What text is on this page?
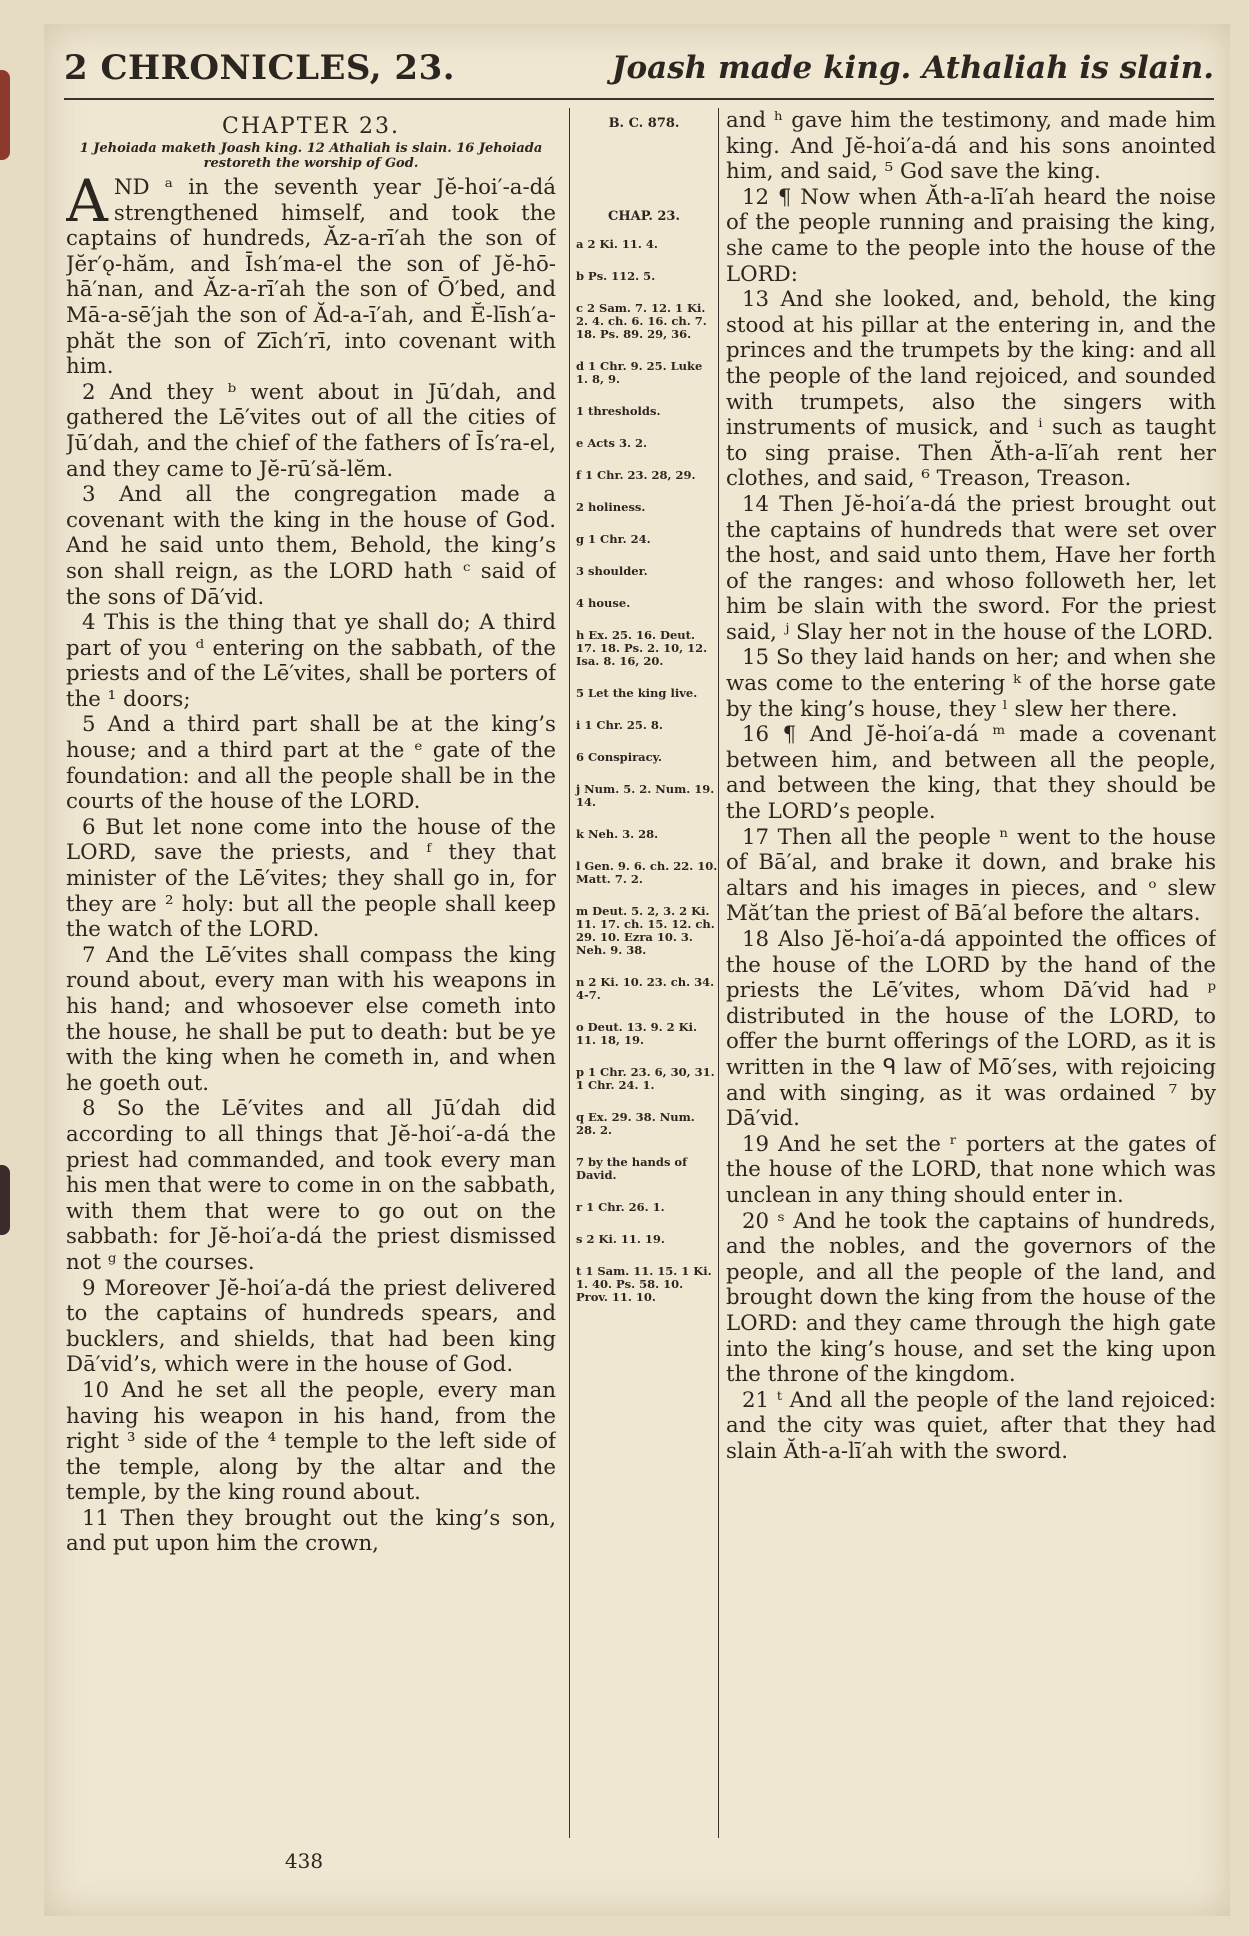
2 CHRONICLES, 23.	Joash made king. Athaliah is slain.
CHAPTER 23.
1 Jehoiada maketh Joash king. 12 Athaliah is slain. 16 Jehoiada restoreth the worship of God.

AND ᵃ in the seventh year Jĕ-hoi′-a-dá strengthened himself, and took the captains of hundreds, Ăz-a-rī′ah the son of Jĕr′ǫ-hăm, and Īsh′ma-el the son of Jĕ-hō-hā′nan, and Ăz-a-rī′ah the son of Ō′bed, and Mā-a-sē′jah the son of Ăd-a-ī′ah, and Ĕ-līsh′a-phăt the son of Zīch′rī, into covenant with him.

2 And they ᵇ went about in Jū′dah, and gathered the Lē′vites out of all the cities of Jū′dah, and the chief of the fathers of Īs′ra-el, and they came to Jĕ-rū′să-lĕm.

3 And all the congregation made a covenant with the king in the house of God. And he said unto them, Behold, the king’s son shall reign, as the LORD hath ᶜ said of the sons of Dā′vid.

4 This is the thing that ye shall do; A third part of you ᵈ entering on the sabbath, of the priests and of the Lē′vites, shall be porters of the ¹ doors;

5 And a third part shall be at the king’s house; and a third part at the ᵉ gate of the foundation: and all the people shall be in the courts of the house of the LORD.

6 But let none come into the house of the LORD, save the priests, and ᶠ they that minister of the Lē′vites; they shall go in, for they are ² holy: but all the people shall keep the watch of the LORD.

7 And the Lē′vites shall compass the king round about, every man with his weapons in his hand; and whosoever else cometh into the house, he shall be put to death: but be ye with the king when he cometh in, and when he goeth out.

8 So the Lē′vites and all Jū′dah did according to all things that Jĕ-hoi′-a-dá the priest had commanded, and took every man his men that were to come in on the sabbath, with them that were to go out on the sabbath: for Jĕ-hoi′a-dá the priest dismissed not ᵍ the courses.

9 Moreover Jĕ-hoi′a-dá the priest delivered to the captains of hundreds spears, and bucklers, and shields, that had been king Dā′vid’s, which were in the house of God.

10 And he set all the people, every man having his weapon in his hand, from the right ³ side of the ⁴ temple to the left side of the temple, along by the altar and the temple, by the king round about.

11 Then they brought out the king’s son, and put upon him the crown,

B. C. 878.
CHAP. 23.
a 2 Ki. 11. 4.
b Ps. 112. 5.
c 2 Sam. 7. 12. 1 Ki. 2. 4. ch. 6. 16. ch. 7. 18. Ps. 89. 29, 36.
d 1 Chr. 9. 25. Luke 1. 8, 9.
1 thresholds.
e Acts 3. 2.
f 1 Chr. 23. 28, 29.
2 holiness.
g 1 Chr. 24.
3 shoulder.
4 house.
h Ex. 25. 16. Deut. 17. 18. Ps. 2. 10, 12. Isa. 8. 16, 20.
5 Let the king live.
i 1 Chr. 25. 8.
6 Conspiracy.
j Num. 5. 2. Num. 19. 14.
k Neh. 3. 28.
l Gen. 9. 6. ch. 22. 10. Matt. 7. 2.
m Deut. 5. 2, 3. 2 Ki. 11. 17. ch. 15. 12. ch. 29. 10. Ezra 10. 3. Neh. 9. 38.
n 2 Ki. 10. 23. ch. 34. 4-7.
o Deut. 13. 9. 2 Ki. 11. 18, 19.
p 1 Chr. 23. 6, 30, 31. 1 Chr. 24. 1.
q Ex. 29. 38. Num. 28. 2.
7 by the hands of David.
r 1 Chr. 26. 1.
s 2 Ki. 11. 19.
t 1 Sam. 11. 15. 1 Ki. 1. 40. Ps. 58. 10. Prov. 11. 10.

and ʰ gave him the testimony, and made him king. And Jĕ-hoi′a-dá and his sons anointed him, and said, ⁵ God save the king.

12 ¶ Now when Ăth-a-lī′ah heard the noise of the people running and praising the king, she came to the people into the house of the LORD:

13 And she looked, and, behold, the king stood at his pillar at the entering in, and the princes and the trumpets by the king: and all the people of the land rejoiced, and sounded with trumpets, also the singers with instruments of musick, and ⁱ such as taught to sing praise. Then Ăth-a-lī′ah rent her clothes, and said, ⁶ Treason, Treason.

14 Then Jĕ-hoi′a-dá the priest brought out the captains of hundreds that were set over the host, and said unto them, Have her forth of the ranges: and whoso followeth her, let him be slain with the sword. For the priest said, ʲ Slay her not in the house of the LORD.

15 So they laid hands on her; and when she was come to the entering ᵏ of the horse gate by the king’s house, they ˡ slew her there.

16 ¶ And Jĕ-hoi′a-dá ᵐ made a covenant between him, and between all the people, and between the king, that they should be the LORD’s people.

17 Then all the people ⁿ went to the house of Bā′al, and brake it down, and brake his altars and his images in pieces, and ᵒ slew Măt′tan the priest of Bā′al before the altars.

18 Also Jĕ-hoi′a-dá appointed the offices of the house of the LORD by the hand of the priests the Lē′vites, whom Dā′vid had ᵖ distributed in the house of the LORD, to offer the burnt offerings of the LORD, as it is written in the ᑫ law of Mō′ses, with rejoicing and with singing, as it was ordained ⁷ by Dā′vid.

19 And he set the ʳ porters at the gates of the house of the LORD, that none which was unclean in any thing should enter in.

20 ˢ And he took the captains of hundreds, and the nobles, and the governors of the people, and all the people of the land, and brought down the king from the house of the LORD: and they came through the high gate into the king’s house, and set the king upon the throne of the kingdom.

21 ᵗ And all the people of the land rejoiced: and the city was quiet, after that they had slain Ăth-a-lī′ah with the sword.

438
